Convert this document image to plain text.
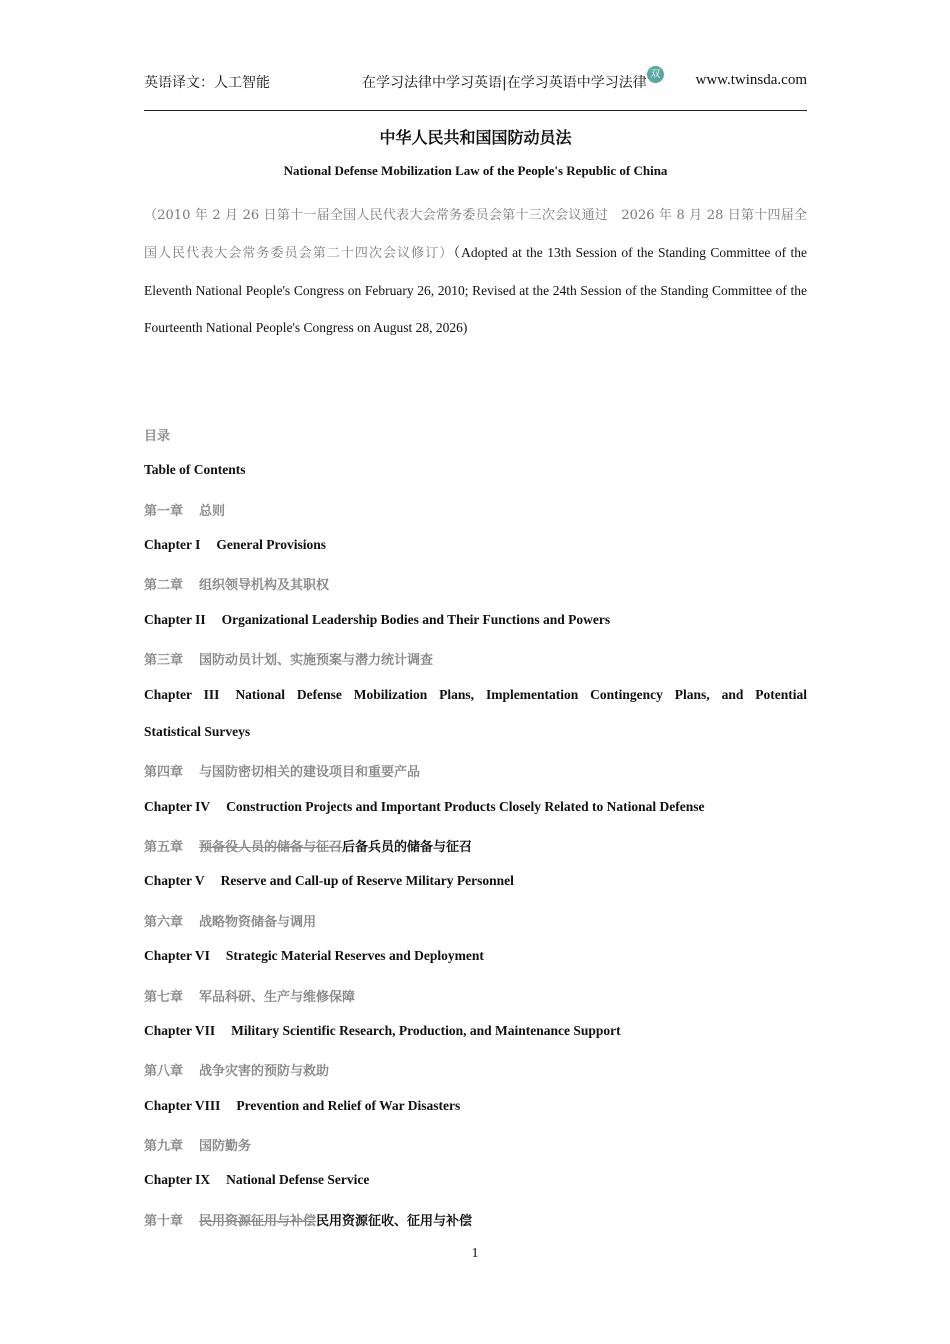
英语译文：人工智能	在学习法律中学习英语|在学习英语中学习法律双 www.twinsda.com
中华人民共和国国防动员法
National Defense Mobilization Law of the People's Republic of China
（2010 年 2 月 26 日第十一届全国人民代表大会常务委员会第十三次会议通过　2026 年 8 月 28 日第十四届全国人民代表大会常务委员会第二十四次会议修订）（Adopted at the 13th Session of the Standing Committee of the Eleventh National People's Congress on February 26, 2010; Revised at the 24th Session of the Standing Committee of the Fourteenth National People's Congress on August 28, 2026)
目录
Table of Contents
第一章 总则
Chapter I General Provisions
第二章 组织领导机构及其职权
Chapter II Organizational Leadership Bodies and Their Functions and Powers
第三章 国防动员计划、实施预案与潜力统计调查
Chapter III National Defense Mobilization Plans, Implementation Contingency Plans, and Potential
Statistical Surveys
第四章 与国防密切相关的建设项目和重要产品
Chapter IV Construction Projects and Important Products Closely Related to National Defense
第五章 预备役人员的储备与征召后备兵员的储备与征召
Chapter V Reserve and Call-up of Reserve Military Personnel
第六章 战略物资储备与调用
Chapter VI Strategic Material Reserves and Deployment
第七章 军品科研、生产与维修保障
Chapter VII Military Scientific Research, Production, and Maintenance Support
第八章 战争灾害的预防与救助
Chapter VIII Prevention and Relief of War Disasters
第九章 国防勤务
Chapter IX National Defense Service
第十章 民用资源征用与补偿民用资源征收、征用与补偿
1
